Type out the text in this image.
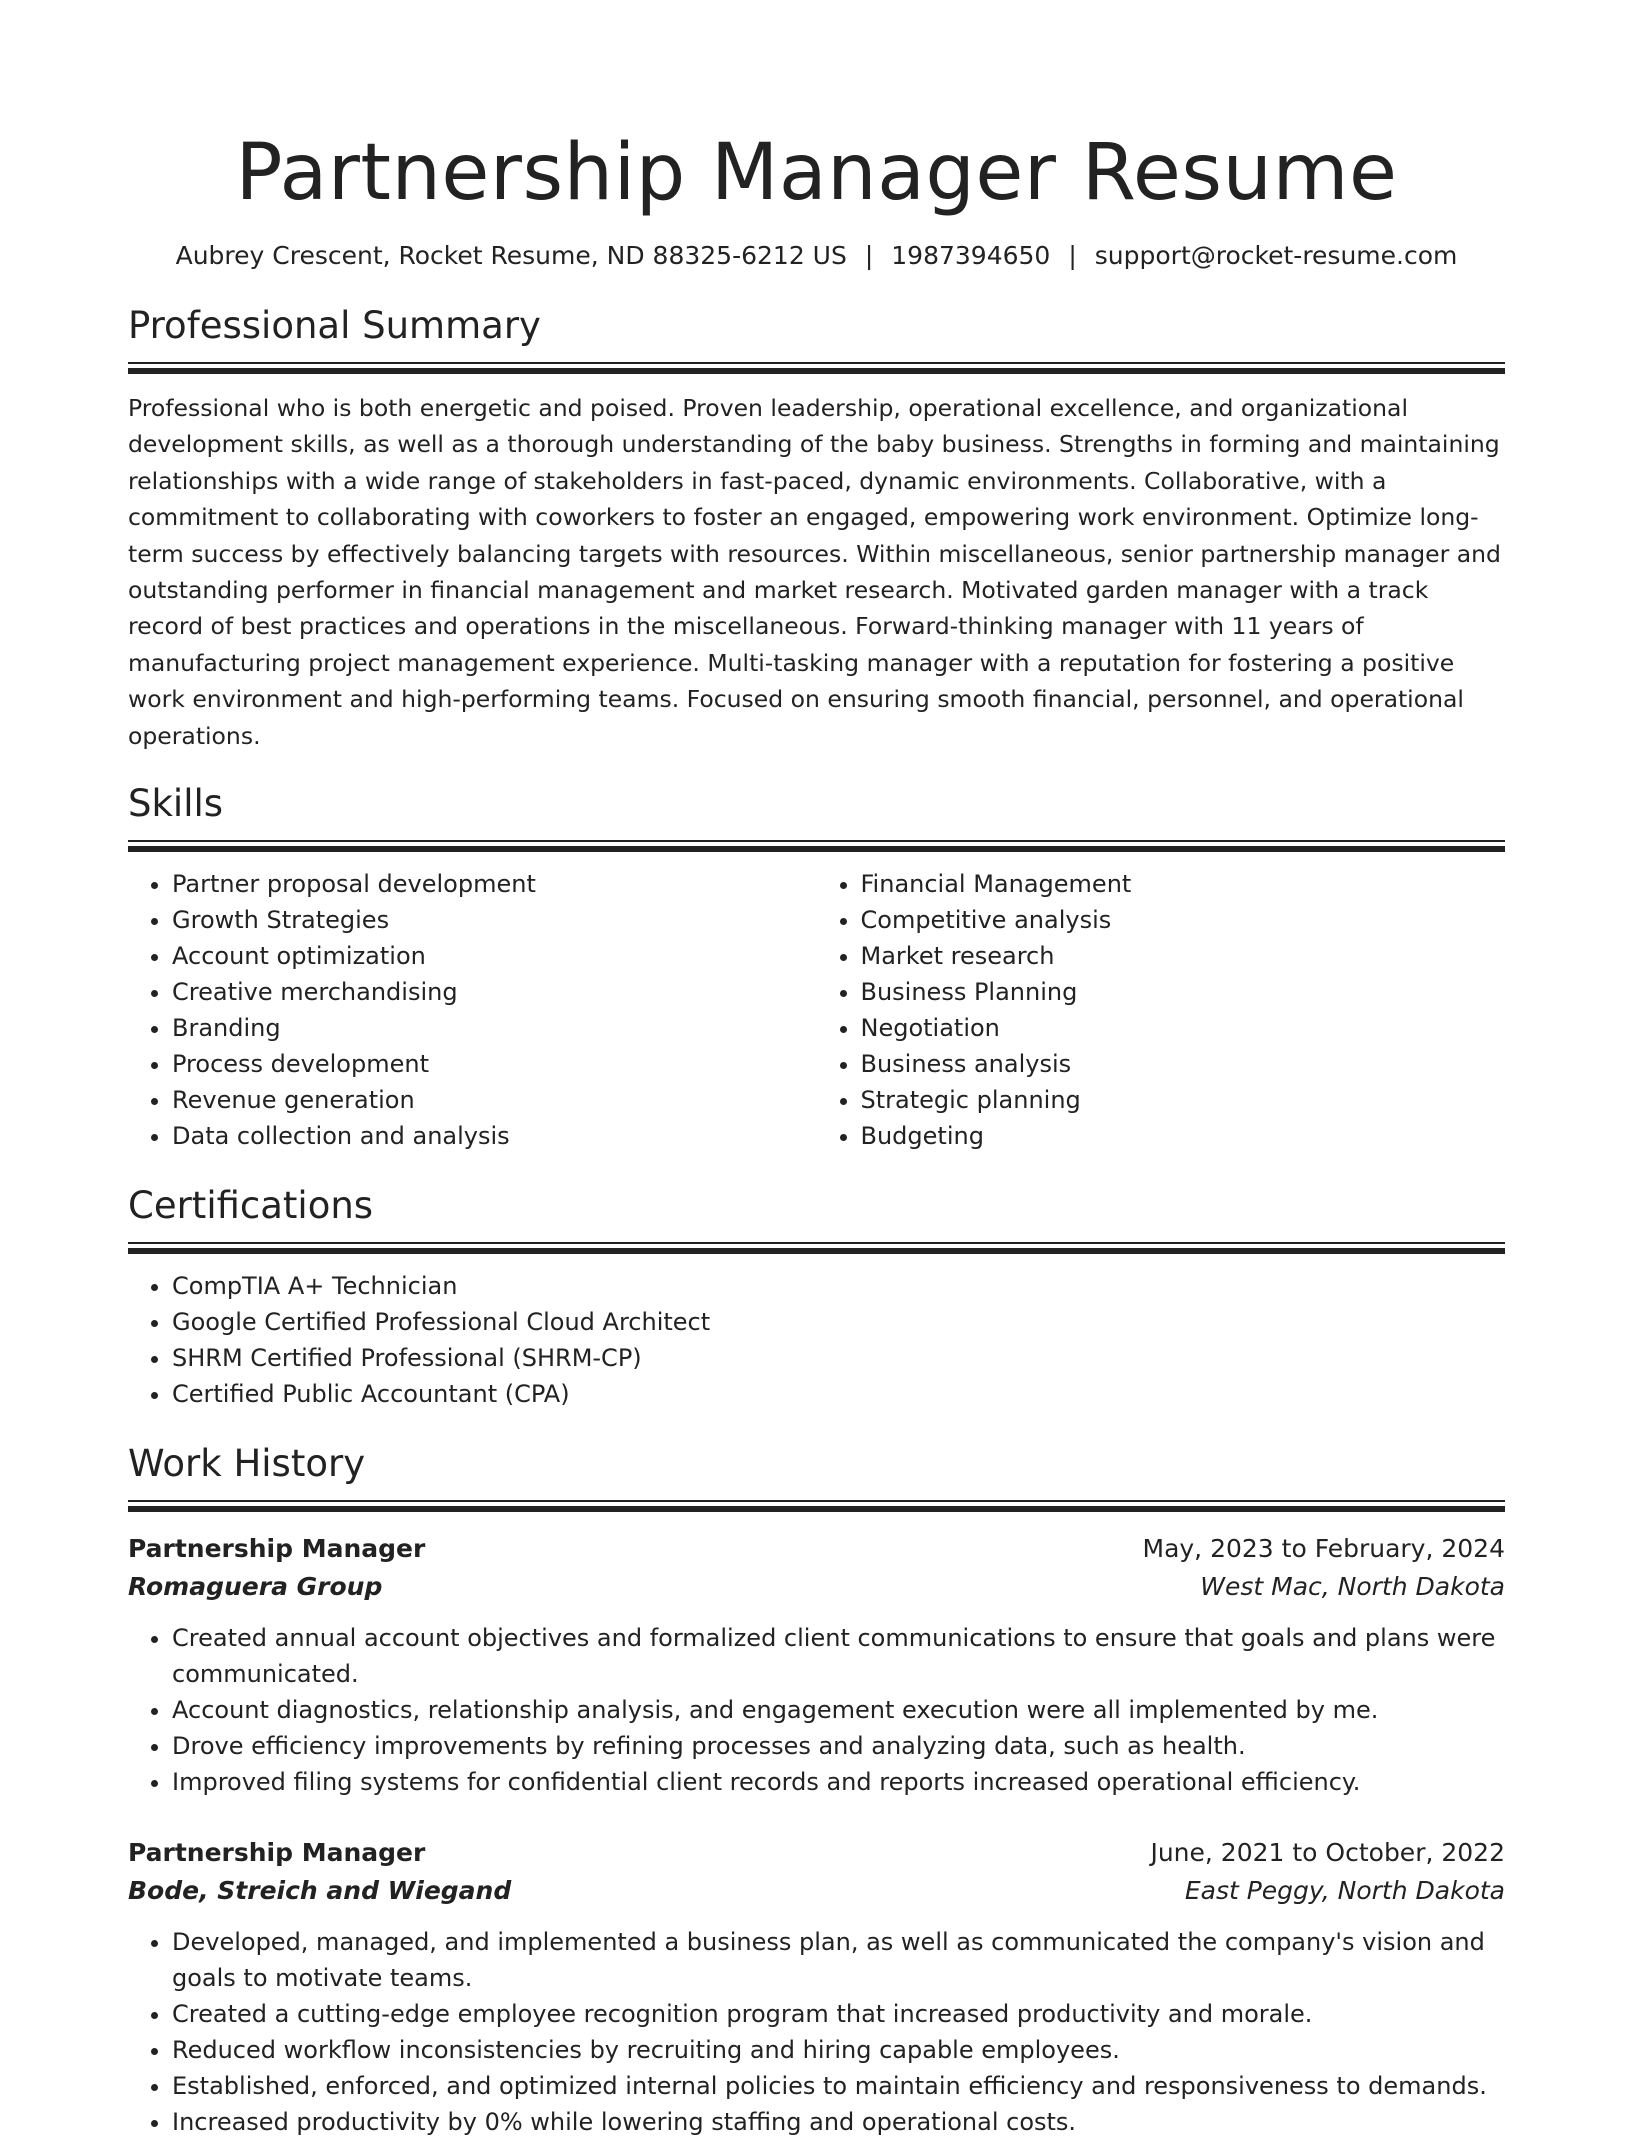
Partnership Manager Resume
Aubrey Crescent, Rocket Resume, ND 88325-6212 US | 1987394650 | support@rocket-resume.com
Professional Summary

Professional who is both energetic and poised. Proven leadership, operational excellence, and organizational development skills, as well as a thorough understanding of the baby business. Strengths in forming and maintaining relationships with a wide range of stakeholders in fast-paced, dynamic environments. Collaborative, with a commitment to collaborating with coworkers to foster an engaged, empowering work environment. Optimize long-term success by effectively balancing targets with resources. Within miscellaneous, senior partnership manager and outstanding performer in financial management and market research. Motivated garden manager with a track record of best practices and operations in the miscellaneous. Forward-thinking manager with 11 years of manufacturing project management experience. Multi-tasking manager with a reputation for fostering a positive work environment and high-performing teams. Focused on ensuring smooth financial, personnel, and operational operations.

Skills
• Partner proposal development
• Growth Strategies
• Account optimization
• Creative merchandising
• Branding
• Process development
• Revenue generation
• Data collection and analysis
• Financial Management
• Competitive analysis
• Market research
• Business Planning
• Negotiation
• Business analysis
• Strategic planning
• Budgeting
Certifications
• CompTIA A+ Technician
• Google Certified Professional Cloud Architect
• SHRM Certified Professional (SHRM-CP)
• Certified Public Accountant (CPA)
Work History
Partnership Manager	May, 2023 to February, 2024
Romaguera Group	West Mac, North Dakota
• Created annual account objectives and formalized client communications to ensure that goals and plans were communicated.
• Account diagnostics, relationship analysis, and engagement execution were all implemented by me.
• Drove efficiency improvements by refining processes and analyzing data, such as health.
• Improved filing systems for confidential client records and reports increased operational efficiency.
Partnership Manager	June, 2021 to October, 2022
Bode, Streich and Wiegand	East Peggy, North Dakota
• Developed, managed, and implemented a business plan, as well as communicated the company's vision and goals to motivate teams.
• Created a cutting-edge employee recognition program that increased productivity and morale.
• Reduced workflow inconsistencies by recruiting and hiring capable employees.
• Established, enforced, and optimized internal policies to maintain efficiency and responsiveness to demands.
• Increased productivity by 0% while lowering staffing and operational costs.
